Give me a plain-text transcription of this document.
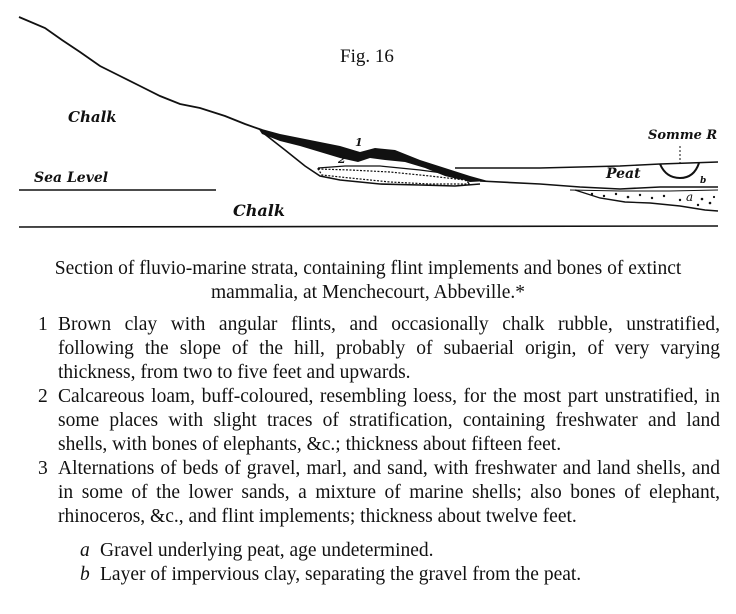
Fig. 16
Chalk
Sea Level
Chalk
1
2
Somme R
Peat
a
b
Section of fluvio-marine strata, containing flint implements and bones of extinct
mammalia, at Menchecourt, Abbeville.*
1 Brown clay with angular flints, and occasionally chalk rubble, unstratified, following the slope of the hill, probably of subaerial origin, of very varying thickness, from two to five feet and upwards.
2 Calcareous loam, buff-coloured, resembling loess, for the most part unstratified, in some places with slight traces of stratification, containing freshwater and land shells, with bones of elephants, &c.; thickness about fifteen feet.
3 Alternations of beds of gravel, marl, and sand, with freshwater and land shells, and in some of the lower sands, a mixture of marine shells; also bones of elephant, rhinoceros, &c., and flint implements; thickness about twelve feet.
a Gravel underlying peat, age undetermined.
b Layer of impervious clay, separating the gravel from the peat.
